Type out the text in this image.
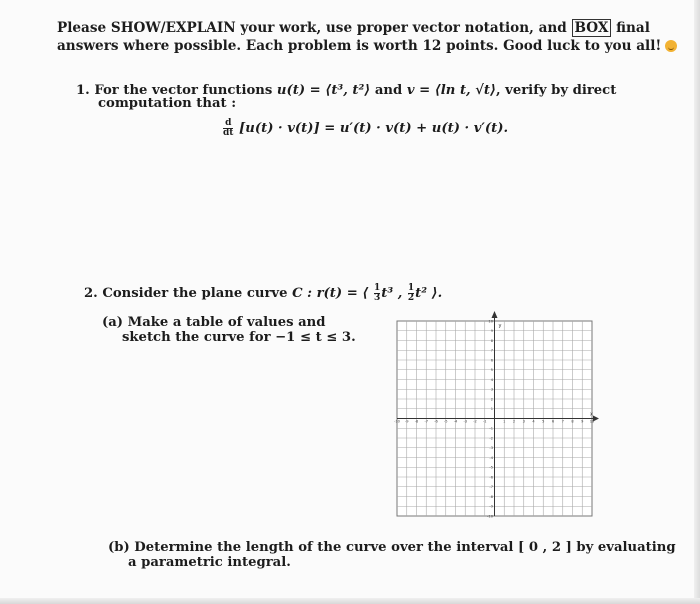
Please SHOW/EXPLAIN your work, use proper vector notation, and BOX final
answers where possible. Each problem is worth 12 points. Good luck to you all!
1. For the vector functions u(t) = ⟨t³, t²⟩ and v = ⟨ln t, √t⟩, verify by direct
computation that :
$\frac{d}{dt} [u(t) \cdot v(t)] = u'(t) \cdot v(t) + u(t) \cdot v'(t)$.
2. Consider the plane curve C : r(t) = ⟨ $\frac{1}{3} t^3$ , $\frac{1}{2} t^2$ ⟩.
(a) Make a table of values and
sketch the curve for −1 ≤ t ≤ 3.
y
x
-10 -9 -8 -7 -6 -5 -4 -3 -2 -1	1 2 3 4 5 6 7 8 9 10
10
9
8
7
6
5
4
3
2
1
-1
-2
-3
-4
-5
-6
-7
-8
-9
-10
(b) Determine the length of the curve over the interval [ 0 , 2 ] by evaluating
a parametric integral.
